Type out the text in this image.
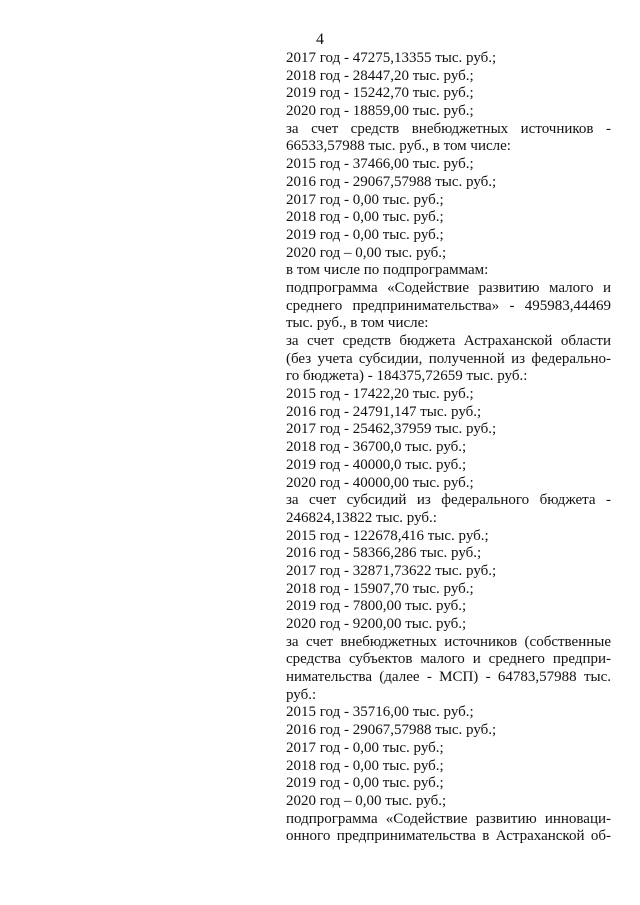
4
2017 год - 47275,13355 тыс. руб.;
2018 год - 28447,20 тыс. руб.;
2019 год - 15242,70 тыс. руб.;
2020 год - 18859,00 тыс. руб.;
за счет средств внебюджетных источников -
66533,57988 тыс. руб., в том числе:
2015 год - 37466,00 тыс. руб.;
2016 год - 29067,57988 тыс. руб.;
2017 год - 0,00 тыс. руб.;
2018 год - 0,00 тыс. руб.;
2019 год - 0,00 тыс. руб.;
2020 год – 0,00 тыс. руб.;
в том числе по подпрограммам:
подпрограмма «Содействие развитию малого и
среднего предпринимательства» - 495983,44469
тыс. руб., в том числе:
за счет средств бюджета Астраханской области
(без учета субсидии, полученной из федерально-
го бюджета) - 184375,72659 тыс. руб.:
2015 год - 17422,20 тыс. руб.;
2016 год - 24791,147 тыс. руб.;
2017 год - 25462,37959 тыс. руб.;
2018 год - 36700,0 тыс. руб.;
2019 год - 40000,0 тыс. руб.;
2020 год - 40000,00 тыс. руб.;
за счет субсидий из федерального бюджета -
246824,13822 тыс. руб.:
2015 год - 122678,416 тыс. руб.;
2016 год - 58366,286 тыс. руб.;
2017 год - 32871,73622 тыс. руб.;
2018 год - 15907,70 тыс. руб.;
2019 год - 7800,00 тыс. руб.;
2020 год - 9200,00 тыс. руб.;
за счет внебюджетных источников (собственные
средства субъектов малого и среднего предпри-
нимательства (далее - МСП) - 64783,57988 тыс.
руб.:
2015 год - 35716,00 тыс. руб.;
2016 год - 29067,57988 тыс. руб.;
2017 год - 0,00 тыс. руб.;
2018 год - 0,00 тыс. руб.;
2019 год - 0,00 тыс. руб.;
2020 год – 0,00 тыс. руб.;
подпрограмма «Содействие развитию инноваци-
онного предпринимательства в Астраханской об-
